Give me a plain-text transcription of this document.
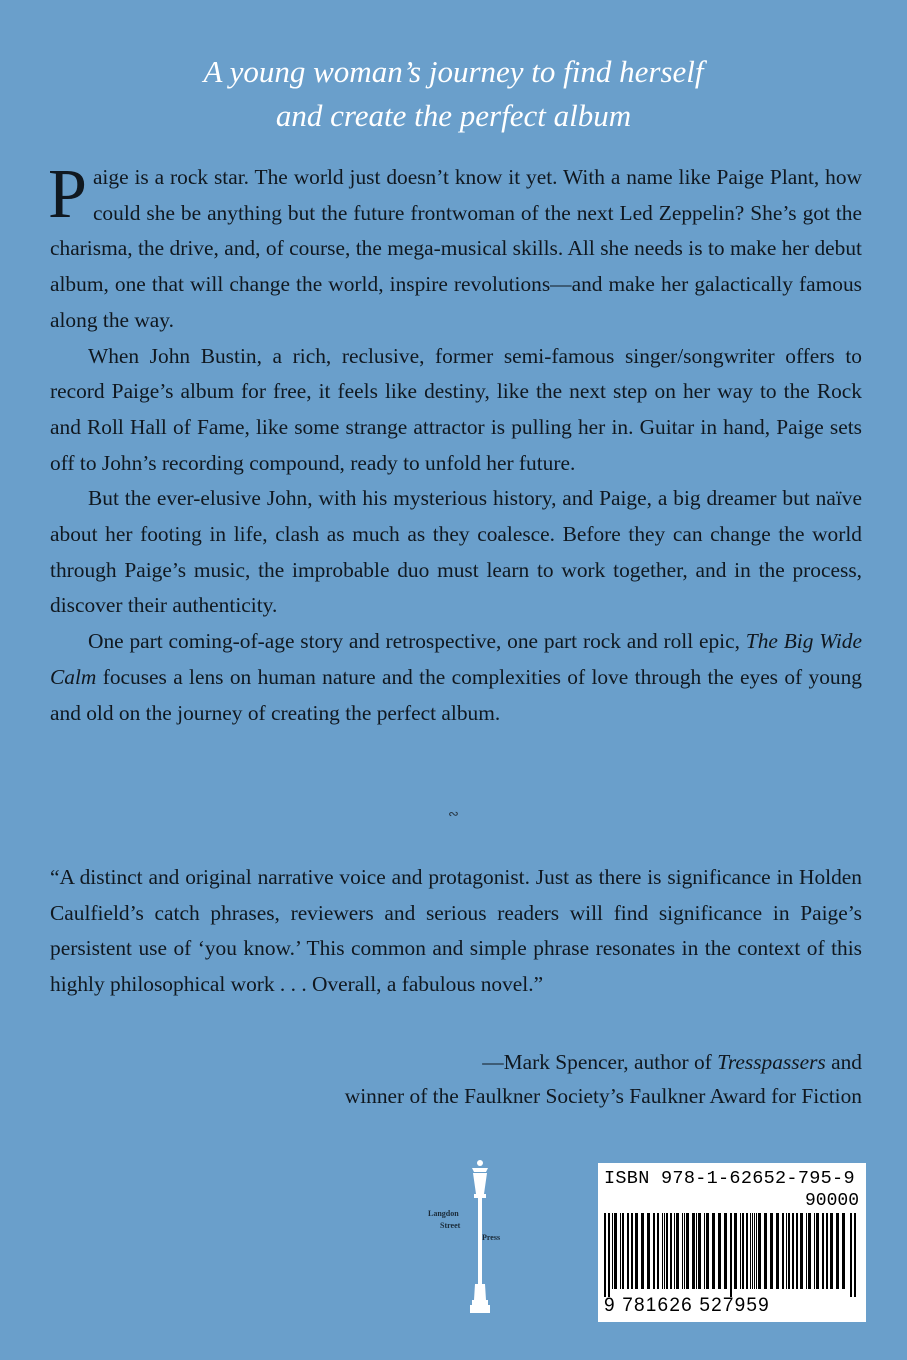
A young woman’s journey to find herself
and create the perfect album

Paige is a rock star. The world just doesn’t know it yet. With a name like Paige Plant, how could she be anything but the future frontwoman of the next Led Zeppelin? She’s got the charisma, the drive, and, of course, the mega-musical skills. All she needs is to make her debut album, one that will change the world, inspire revolutions—and make her galactically famous along the way.

When John Bustin, a rich, reclusive, former semi-famous singer/songwriter offers to record Paige’s album for free, it feels like destiny, like the next step on her way to the Rock and Roll Hall of Fame, like some strange attractor is pulling her in. Guitar in hand, Paige sets off to John’s recording compound, ready to unfold her future.

But the ever-elusive John, with his mysterious history, and Paige, a big dreamer but naïve about her footing in life, clash as much as they coalesce. Before they can change the world through Paige’s music, the improbable duo must learn to work together, and in the process, discover their authenticity.

One part coming-of-age story and retrospective, one part rock and roll epic, The Big Wide Calm focuses a lens on human nature and the complexities of love through the eyes of young and old on the journey of creating the perfect album.

∾

“A distinct and original narrative voice and protagonist. Just as there is significance in Holden Caulfield’s catch phrases, reviewers and serious readers will find significance in Paige’s persistent use of ‘you know.’ This common and simple phrase resonates in the context of this highly philosophical work . . . Overall, a fabulous novel.”

—Mark Spencer, author of Tresspassers and
winner of the Faulkner Society’s Faulkner Award for Fiction
Langdon
Street
Press
ISBN 978-1-62652-795-9
90000
9 781626 527959
